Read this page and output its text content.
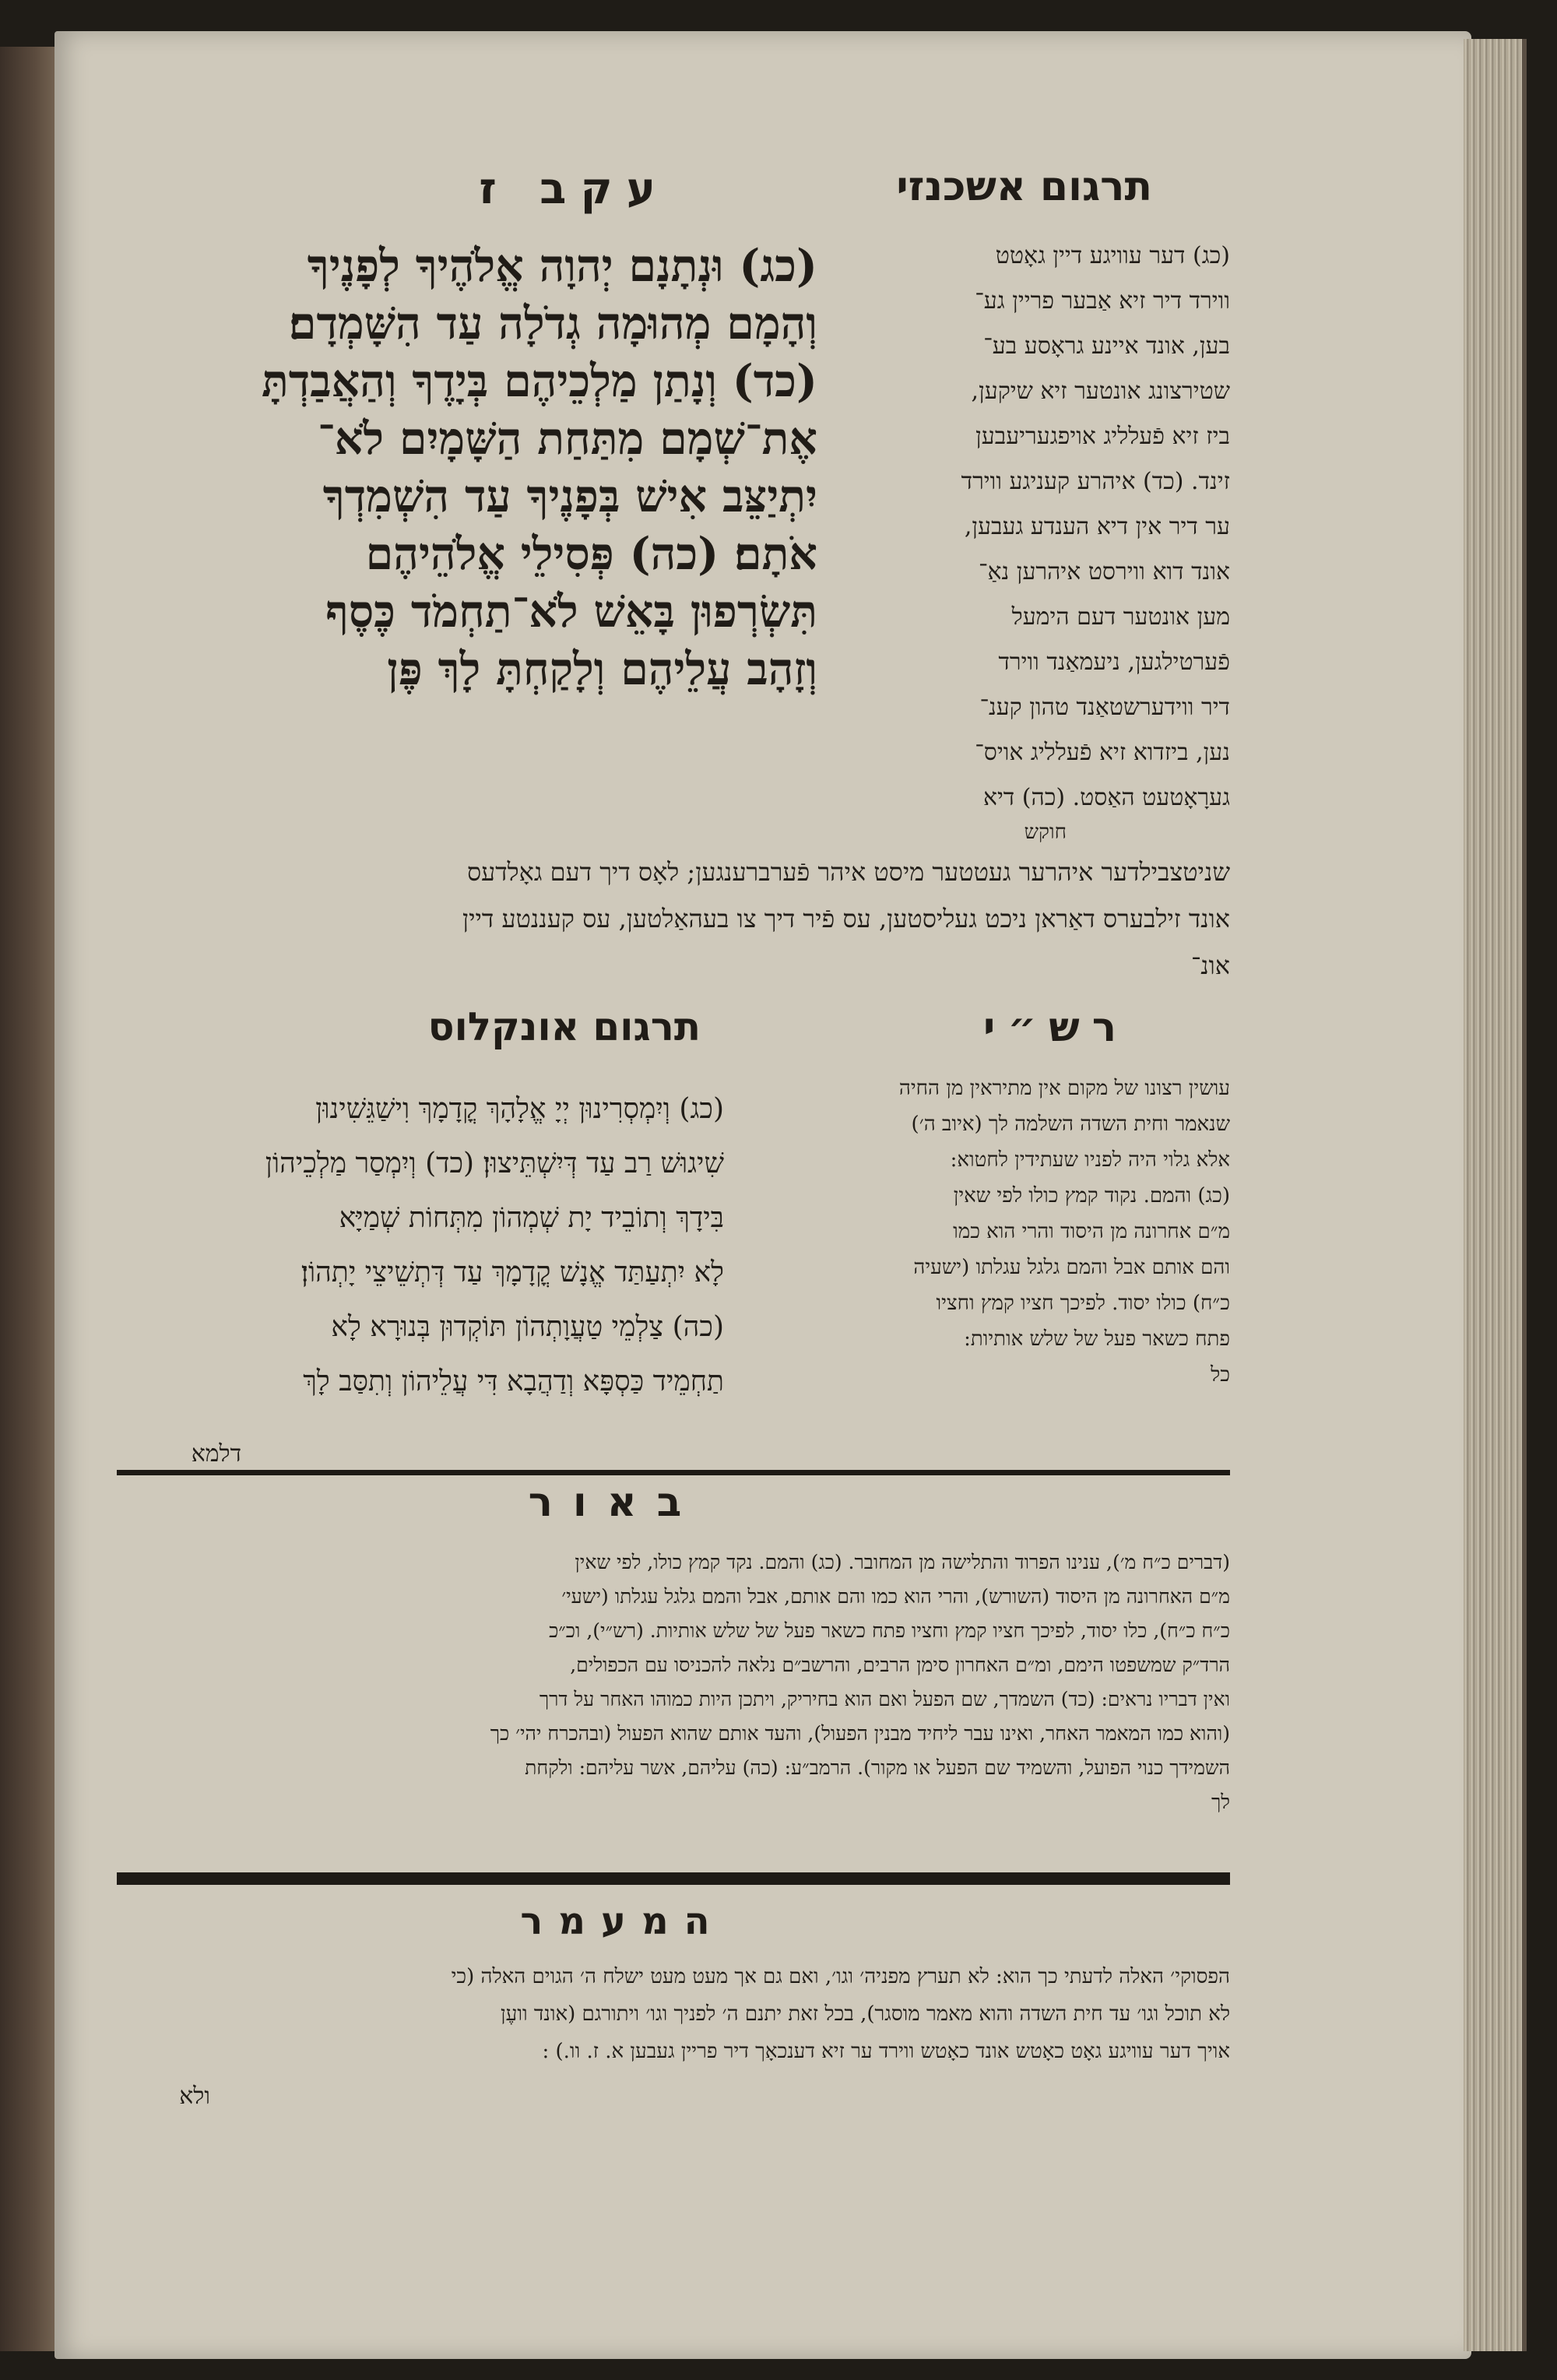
תרגום אשכנזי
עקב ז
(כג) דער עוויגע דיין גאָטט
ווירד דיר זיא אַבער פריין גע־
בען, אונד איינע גראָסע בע־
שטירצונג אונטער זיא שיקען,
ביז זיא פֿעלליג אויפגעריעבען
זינד. (כד) איהרע קעניגע ווירד
ער דיר אין דיא הענדע געבען,
אונד דוא ווירסט איהרען נאַ־
מען אונטער דעם הימעל
פֿערטילגען, ניעמאַנד ווירד
דיר ווידערשטאַנד טהון קענ־
נען, ביזדוא זיא פֿעלליג אויס־
גערָאָטעט האַסט. (כה) דיא
(כג) וּנְתָנָם יְהוָה אֱלֹהֶיךָ לְפָנֶיךָ
וְהָמָם מְהוּמָה גְדֹלָה עַד הִשָּׁמְדָם׃
(כד) וְנָתַן מַלְכֵיהֶם בְּיָדֶךָ וְהַאֲבַדְתָּ
אֶת־שְׁמָם מִתַּחַת הַשָּׁמָיִם לֹא־
יִתְיַצֵּב אִישׁ בְּפָנֶיךָ עַד הִשְׁמִדְךָ
אֹתָם׃ (כה) פְּסִילֵי אֱלֹהֵיהֶם
תִּשְׂרְפוּן בָּאֵשׁ לֹא־תַחְמֹד כֶּסֶף
וְזָהָב עֲלֵיהֶם וְלָקַחְתָּ לָךְ פֶּן
חוקש
שניטצבילדער איהרער געטטער מיסט איהר פֿערברענגען; לאָס דיך דעם גאָלדעס
אונד זילבערס דאַראן ניכט געליסטען, עס פֿיר דיך צו בעהאַלטען, עס קעננטע דיין
אונ־
רש״י
תרגום אונקלוס
עושין רצונו של מקום אין מתיראין מן החיה
שנאמר וחית השדה השלמה לך (איוב ה׳)
אלא גלוי היה לפניו שעתידין לחטוא:
(כג) והמם. נקוד קמץ כולו לפי שאין
מ״ם אחרונה מן היסוד והרי הוא כמו
והם אותם אבל והמם גלגל עגלתו (ישעיה
כ״ח) כולו יסוד. לפיכך חציו קמץ וחציו
פתח כשאר פעל של שלש אותיות:
כל
(כג) וְיִמְסְרִינוּן יְיָ אֱלָהָךְ קֳדָמָךְ וִישַׁגֵּשִׁינוּן
שִׁיגוּשׁ רַב עַד דְּיִשְׁתֵּיצוּן׃ (כד) וְיִמְסַר מַלְכֵיהוֹן
בִּידָךְ וְתוֹבֵיד יָת שְׁמְהוֹן מִתְּחוֹת שְׁמַיָּא
לָא יִתְעַתַּד אֱנָשׁ קֳדָמָךְ עַד דְּתְשֵׁיצֵי יָתְהוֹן׃
(כה) צַלְמֵי טַעֲוָתְהוֹן תּוֹקְדוּן בְּנוּרָא לָא
תַחְמֵיד כַּסְפָּא וְדַהֲבָא דִּי עֲלֵיהוֹן וְתִסַּב לָךְ
דלמא
באור
(דברים כ״ח מ׳), ענינו הפרוד והתלישה מן המחובר. (כג) והמם. נקד קמץ כולו, לפי שאין
מ״ם האחרונה מן היסוד (השורש), והרי הוא כמו והם אותם, אבל והמם גלגל עגלתו (ישעי׳
כ״ח כ״ח), כלו יסוד, לפיכך חציו קמץ וחציו פתח כשאר פעל של שלש אותיות. (רש״י), וכ״כ
הרד״ק שמשפטו הימם, ומ״ם האחרון סימן הרבים, והרשב״ם נלאה להכניסו עם הכפולים,
ואין דבריו נראים: (כד) השמדך, שם הפעל ואם הוא בחיריק, ויתכן היות כמוהו האחר על דרך
(והוא כמו המאמר האחר, ואינו עבר ליחיד מבנין הפעול), והעד אותם שהוא הפעול (ובהכרח יהי׳ כך
השמידך כנוי הפועל, והשמיד שם הפעל או מקור). הרמב״ע: (כה) עליהם, אשר עליהם: ולקחת
לך
המעמר
הפסוקי׳ האלה לדעתי כך הוא: לא תערץ מפניה׳ וגו׳, ואם גם אך מעט מעט ישלח ה׳ הגוים האלה (כי
לא תוכל וגו׳ עד חית השדה והוא מאמר מוסגר), בכל זאת יתנם ה׳ לפניך וגו׳ ויתורגם (אונד וועֶן
אויך דער עוויגע גאָט כאָטש אונד כאָטש ווירד ער זיא דענכאָך דיר פריין געבען א. ז. וו.) :
ולא
